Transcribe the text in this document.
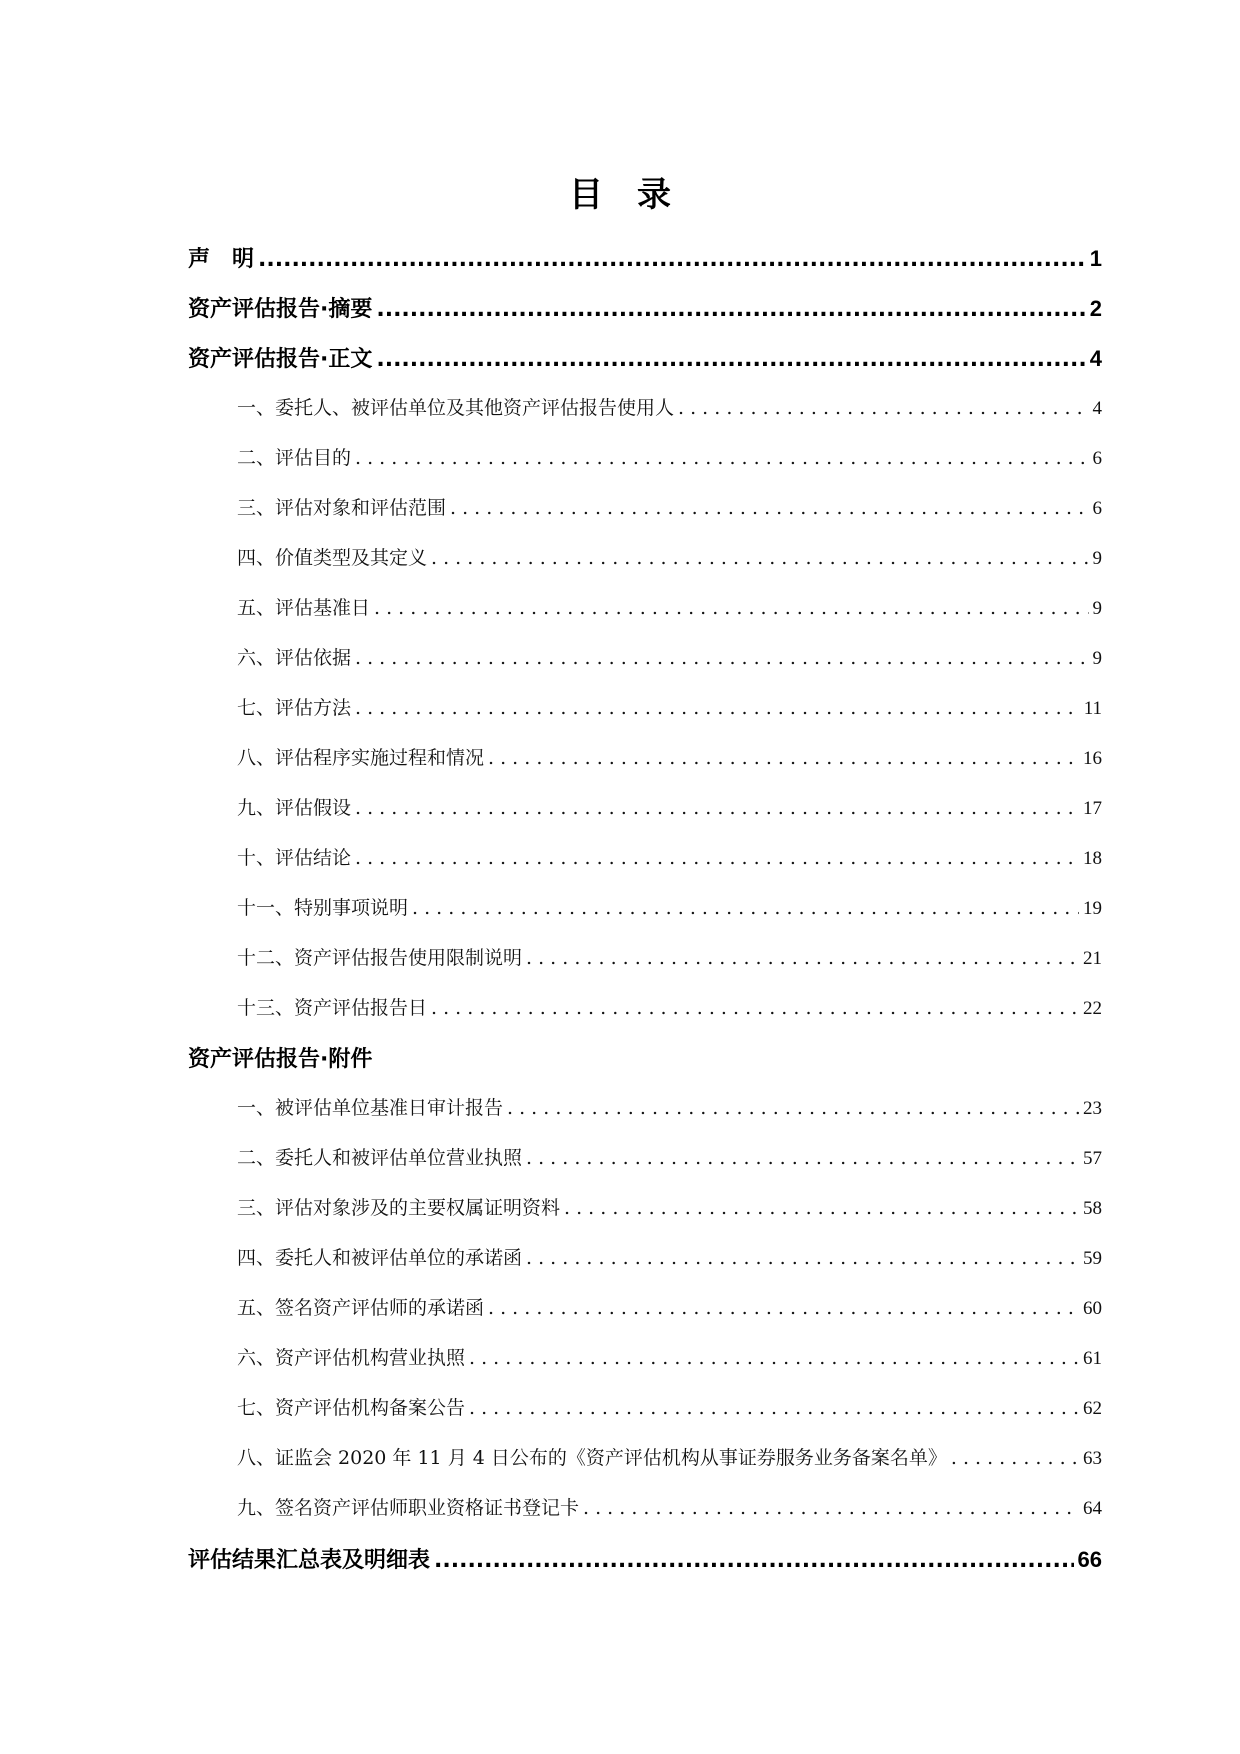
目　录
声　明 .....	1
资产评估报告·摘要 .....	2
资产评估报告·正文 .....	4
一、委托人、被评估单位及其他资产评估报告使用人 . . .	4
二、评估目的 . . .	6
三、评估对象和评估范围 . . .	6
四、价值类型及其定义 . . .	9
五、评估基准日 . . .	9
六、评估依据 . . .	9
七、评估方法 . . .	11
八、评估程序实施过程和情况 . . .	16
九、评估假设 . . .	17
十、评估结论 . . .	18
十一、特别事项说明 . . .	19
十二、资产评估报告使用限制说明 . . .	21
十三、资产评估报告日 . . .	22
资产评估报告·附件
一、被评估单位基准日审计报告 . . .	23
二、委托人和被评估单位营业执照 . . .	57
三、评估对象涉及的主要权属证明资料 . . .	58
四、委托人和被评估单位的承诺函 . . .	59
五、签名资产评估师的承诺函 . . .	60
六、资产评估机构营业执照 . . .	61
七、资产评估机构备案公告 . . .	62
八、证监会 2020 年 11 月 4 日公布的《资产评估机构从事证券服务业务备案名单》 . . .	63
九、签名资产评估师职业资格证书登记卡 . . .	64
评估结果汇总表及明细表 .....	66
